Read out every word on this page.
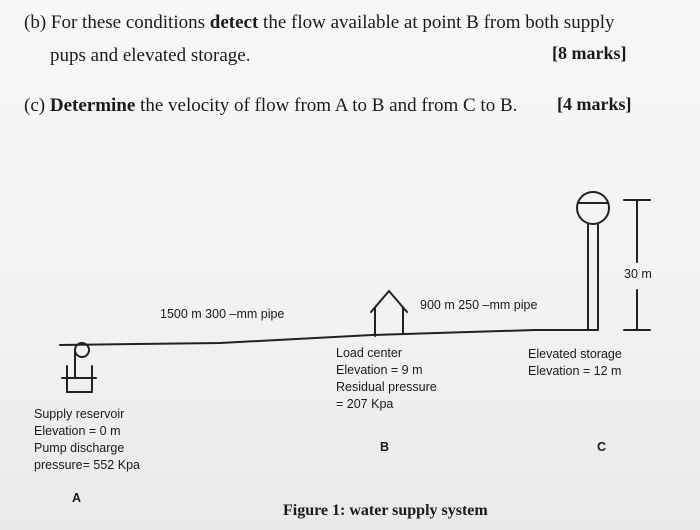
(b) For these conditions detect the flow available at point B from both supply
pups and elevated storage.	[8 marks]
(c) Determine the velocity of flow from A to B and from C to B. [4 marks]
1500 m 300 –mm pipe
900 m 250 –mm pipe
30 m
Supply reservoir
Elevation = 0 m
Pump discharge
pressure= 552 Kpa
A
Load center
Elevation = 9 m
Residual pressure
= 207 Kpa
B
Elevated storage
Elevation = 12 m
C
Figure 1: water supply system
